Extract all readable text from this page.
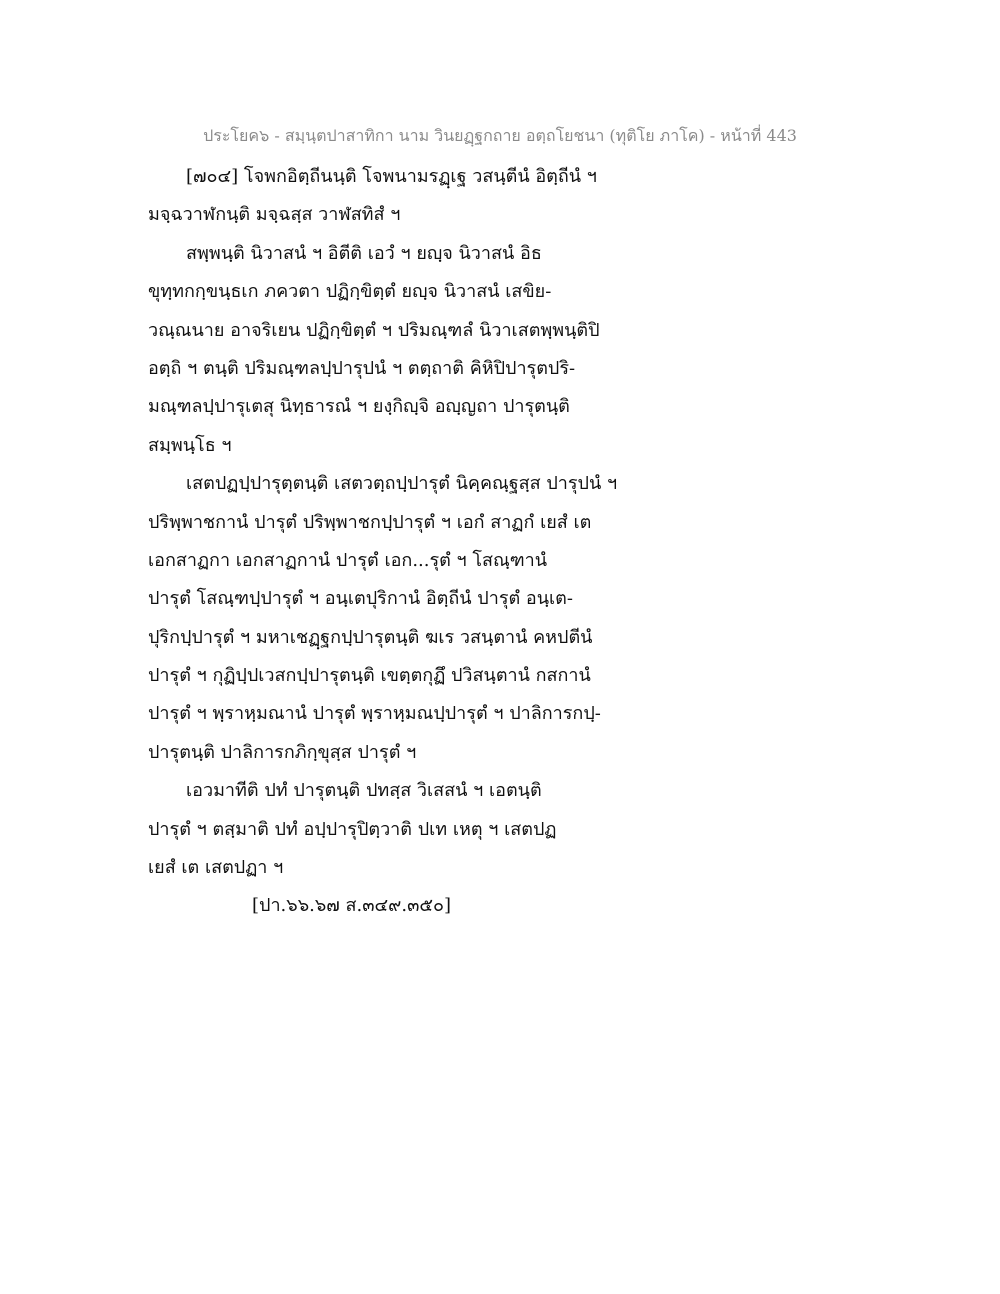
ประโยค๖ - สมฺนฺตปาสาทิกา นาม วินยฏฺฐกถาย อตฺถโยชนา (ทุติโย ภาโค) - หน้าที่ 443
[๗๐๔] โจพกอิตฺถีนนฺติ โจพนามรฏฺเฐ วสนฺตีนํ อิตฺถีนํ ฯ
มจฺฉวาฬกนฺติ มจฺฉสฺส วาฬสทิสํ ฯ
สพฺพนฺติ นิวาสนํ ฯ อิตีติ เอวํ ฯ ยญฺจ นิวาสนํ อิธ
ขุทฺทกกฺขนฺธเก ภควตา ปฏิกฺขิตฺตํ ยญฺจ นิวาสนํ เสขิย-
วณฺณนาย อาจริเยน ปฏิกฺขิตฺตํ ฯ ปริมณฺฑลํ นิวาเสตพฺพนฺติปิ
อตฺถิ ฯ ตนฺติ ปริมณฺฑลปฺปารุปนํ ฯ ตตฺถาติ คิหิปิปารุตปริ-
มณฺฑลปฺปารุเตสุ นิทฺธารณํ ฯ ยงฺกิญฺจิ อญฺญถา ปารุตนฺติ
สมฺพนฺโธ ฯ
เสตปฏปฺปารุตฺตนฺติ เสตวตฺถปฺปารุตํ นิคฺคณฺฐสฺส ปารุปนํ ฯ
ปริพฺพาชกานํ ปารุตํ ปริพฺพาชกปฺปารุตํ ฯ เอกํ สาฏกํ เยสํ เต
เอกสาฏกา เอกสาฏกานํ ปารุตํ เอก...รุตํ ฯ โสณฺฑานํ
ปารุตํ โสณฺฑปฺปารุตํ ฯ อนฺเตปุริกานํ อิตฺถีนํ ปารุตํ อนฺเต-
ปุริกปฺปารุตํ ฯ มหาเชฏฺฐกปฺปารุตนฺติ ฆเร วสนฺตานํ คหปตีนํ
ปารุตํ ฯ กุฏิปฺปเวสกปฺปารุตนฺติ เขตฺตกุฏึ ปวิสนฺตานํ กสกานํ
ปารุตํ ฯ พฺราหฺมณานํ ปารุตํ พฺราหฺมณปฺปารุตํ ฯ ปาลิการกปฺ-
ปารุตนฺติ ปาลิการกภิกฺขุสฺส ปารุตํ ฯ
เอวมาทีติ ปทํ ปารุตนฺติ ปทสฺส วิเสสนํ ฯ เอตนฺติ
ปารุตํ ฯ ตสฺมาติ ปทํ อปฺปารุปิตฺวาติ ปเท เหตุ ฯ เสตปฏ
เยสํ เต เสตปฏา ฯ
[ปา.๖๖.๖๗ ส.๓๔๙.๓๕๐]
